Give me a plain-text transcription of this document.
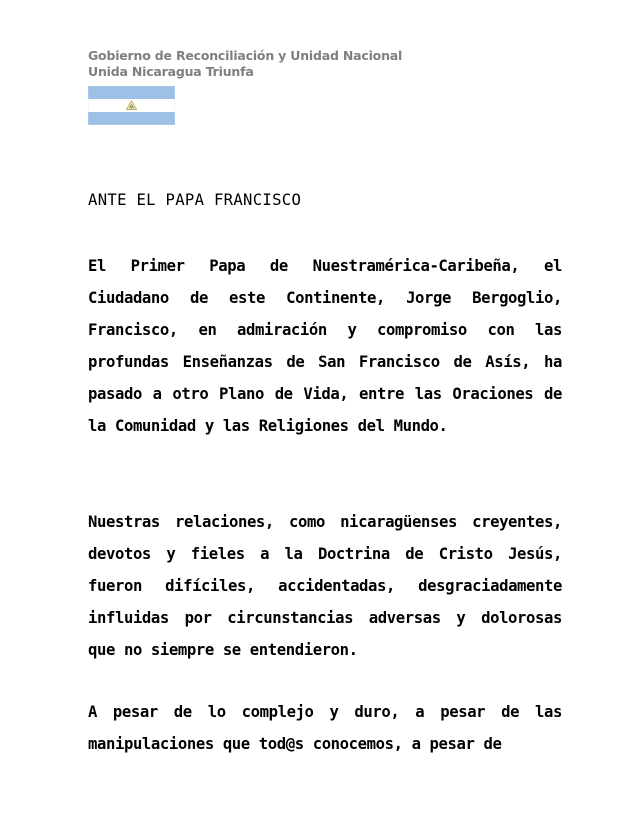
Gobierno de Reconciliación y Unidad Nacional
Unida Nicaragua Triunfa
ANTE EL PAPA FRANCISCO
El Primer Papa de Nuestramérica-Caribeña, el Ciudadano de este Continente, Jorge Bergoglio, Francisco, en admiración y compromiso con las profundas Enseñanzas de San Francisco de Asís, ha pasado a otro Plano de Vida, entre las Oraciones de la Comunidad y las Religiones del Mundo.
Nuestras relaciones, como nicaragüenses creyentes, devotos y fieles a la Doctrina de Cristo Jesús, fueron difíciles, accidentadas, desgraciadamente influidas por circunstancias adversas y dolorosas que no siempre se entendieron.
A pesar de lo complejo y duro, a pesar de las manipulaciones que tod@s conocemos, a pesar de
